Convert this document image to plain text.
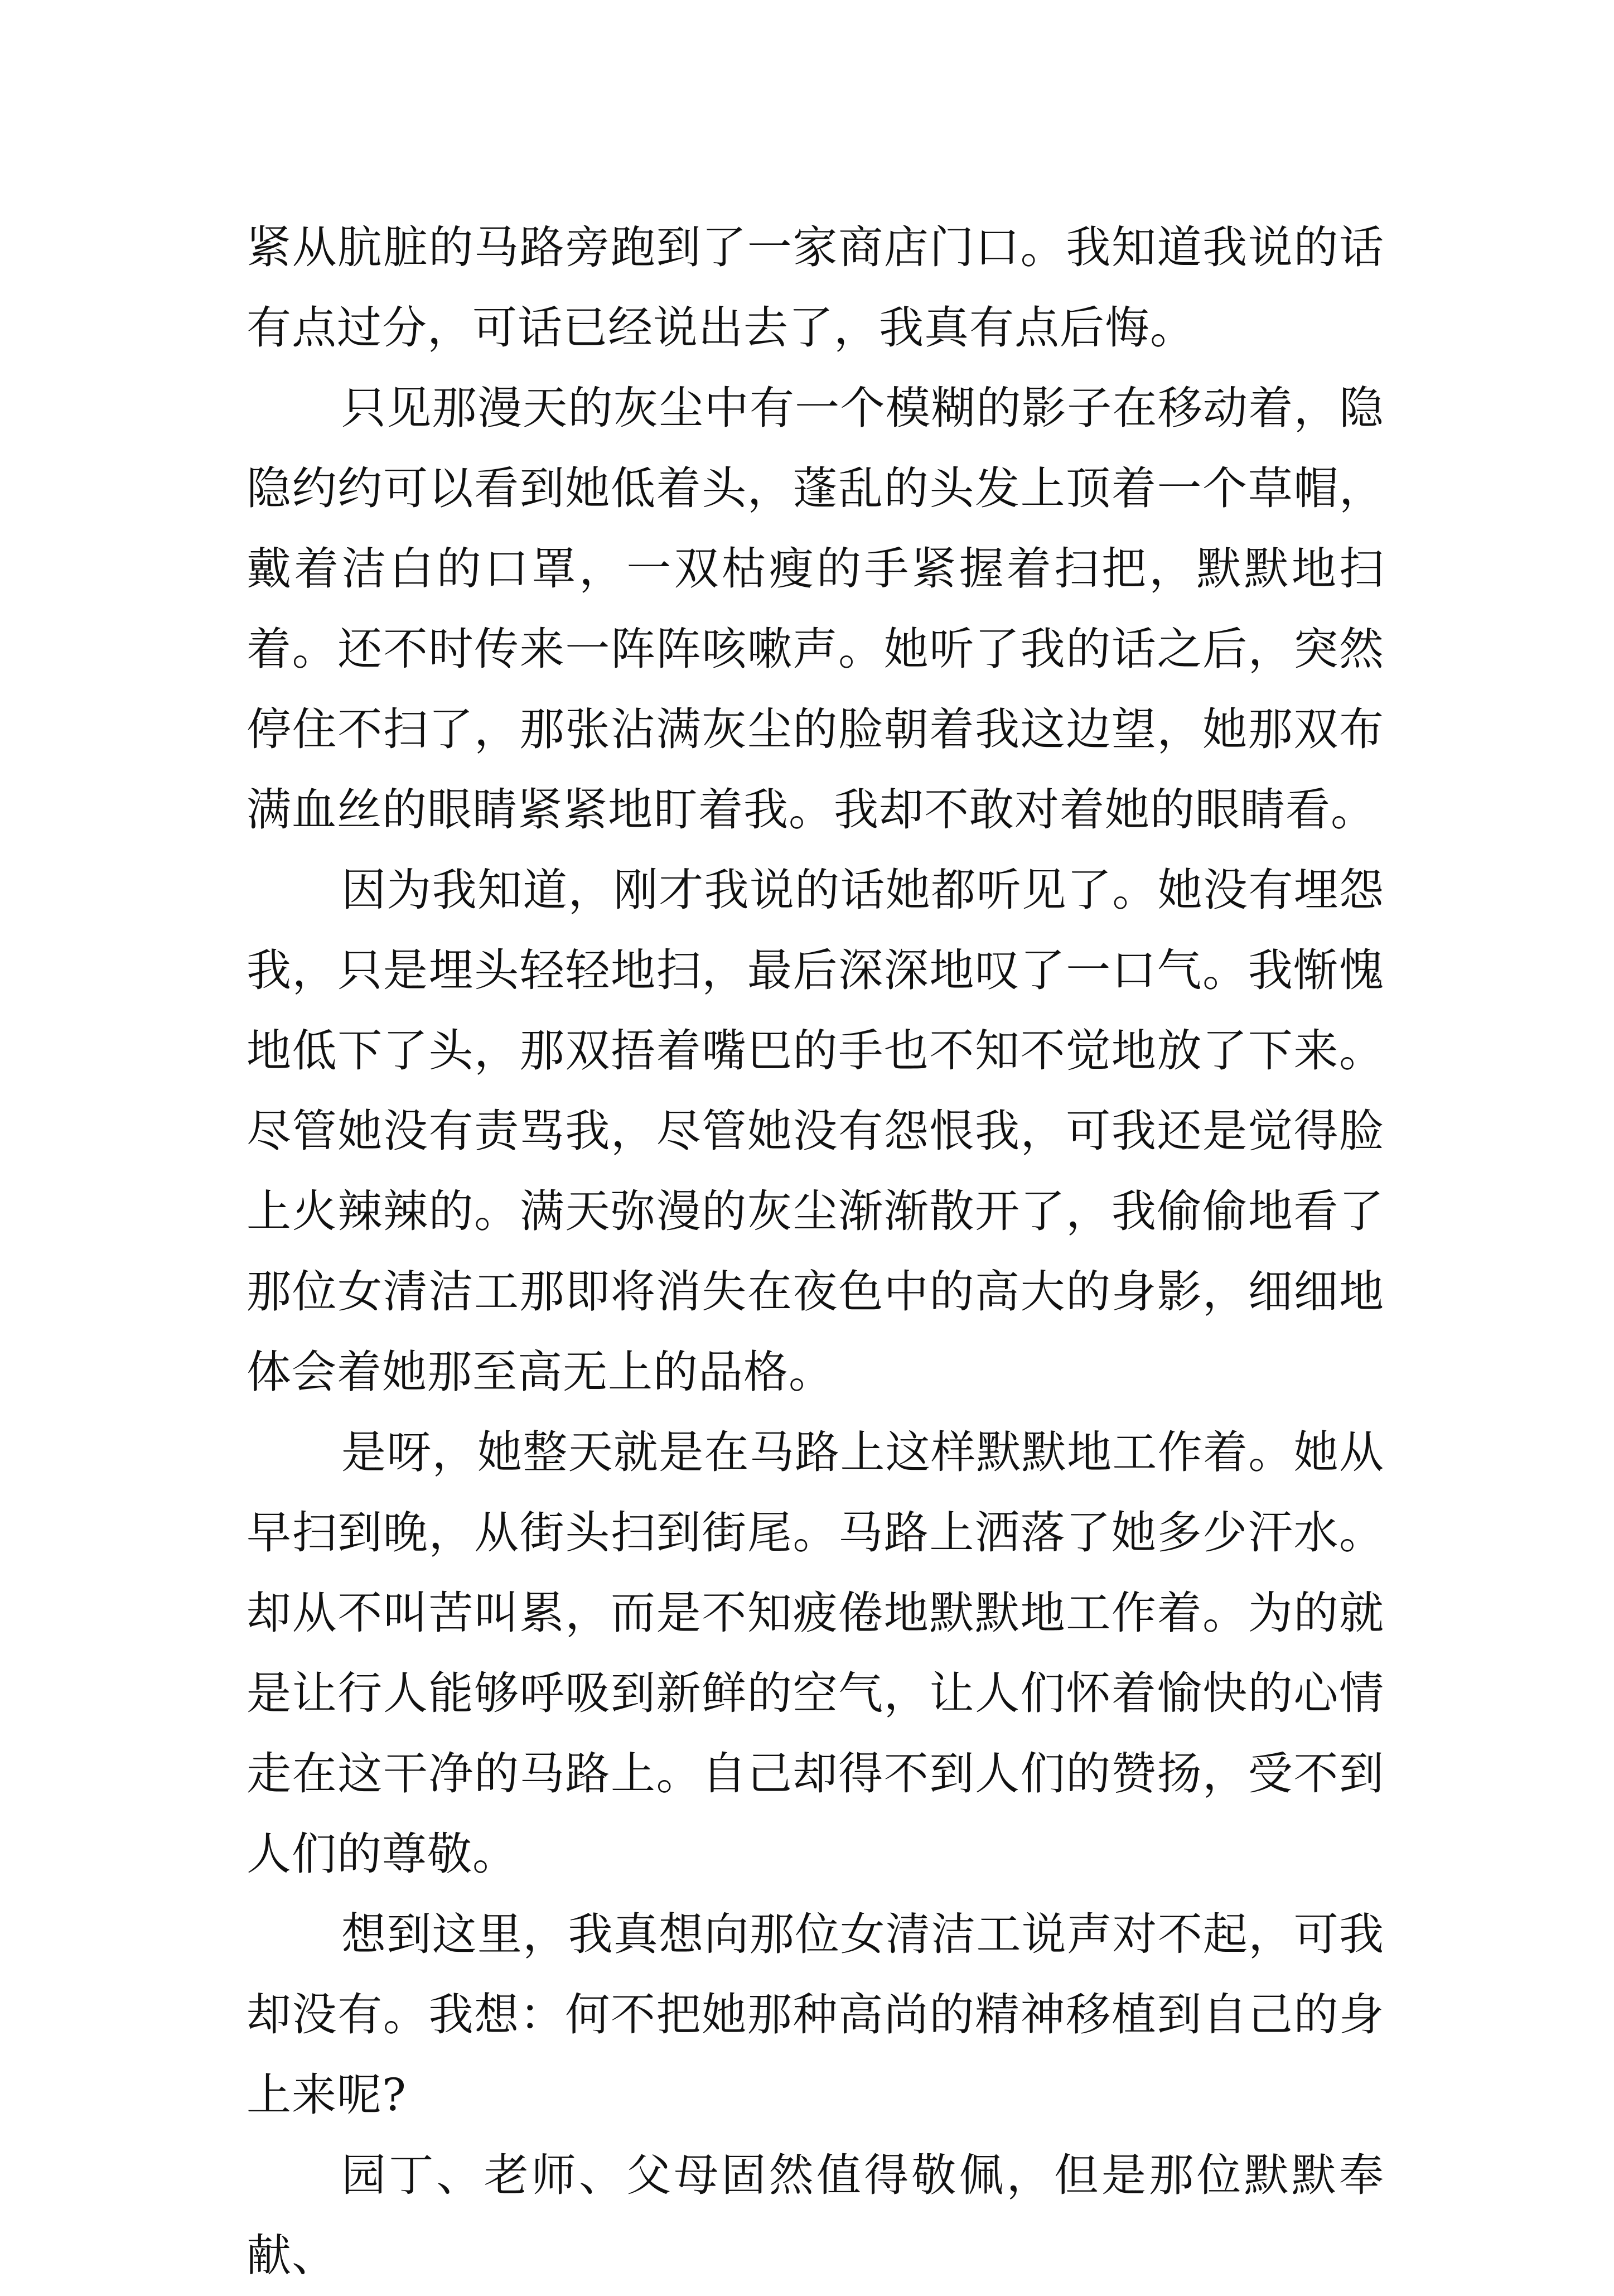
紧从肮脏的马路旁跑到了一家商店门口。我知道我说的话有点过分，可话已经说出去了，我真有点后悔。

只见那漫天的灰尘中有一个模糊的影子在移动着，隐隐约约可以看到她低着头，蓬乱的头发上顶着一个草帽，戴着洁白的口罩，一双枯瘦的手紧握着扫把，默默地扫着。还不时传来一阵阵咳嗽声。她听了我的话之后，突然停住不扫了，那张沾满灰尘的脸朝着我这边望，她那双布满血丝的眼睛紧紧地盯着我。我却不敢对着她的眼睛看。

因为我知道，刚才我说的话她都听见了。她没有埋怨我，只是埋头轻轻地扫，最后深深地叹了一口气。我惭愧地低下了头，那双捂着嘴巴的手也不知不觉地放了下来。尽管她没有责骂我，尽管她没有怨恨我，可我还是觉得脸上火辣辣的。满天弥漫的灰尘渐渐散开了，我偷偷地看了那位女清洁工那即将消失在夜色中的高大的身影，细细地体会着她那至高无上的品格。

是呀，她整天就是在马路上这样默默地工作着。她从早扫到晚，从街头扫到街尾。马路上洒落了她多少汗水。却从不叫苦叫累，而是不知疲倦地默默地工作着。为的就是让行人能够呼吸到新鲜的空气，让人们怀着愉快的心情走在这干净的马路上。自己却得不到人们的赞扬，受不到人们的尊敬。

想到这里，我真想向那位女清洁工说声对不起，可我却没有。我想：何不把她那种高尚的精神移植到自己的身上来呢?

园丁、老师、父母固然值得敬佩，但是那位默默奉献、
